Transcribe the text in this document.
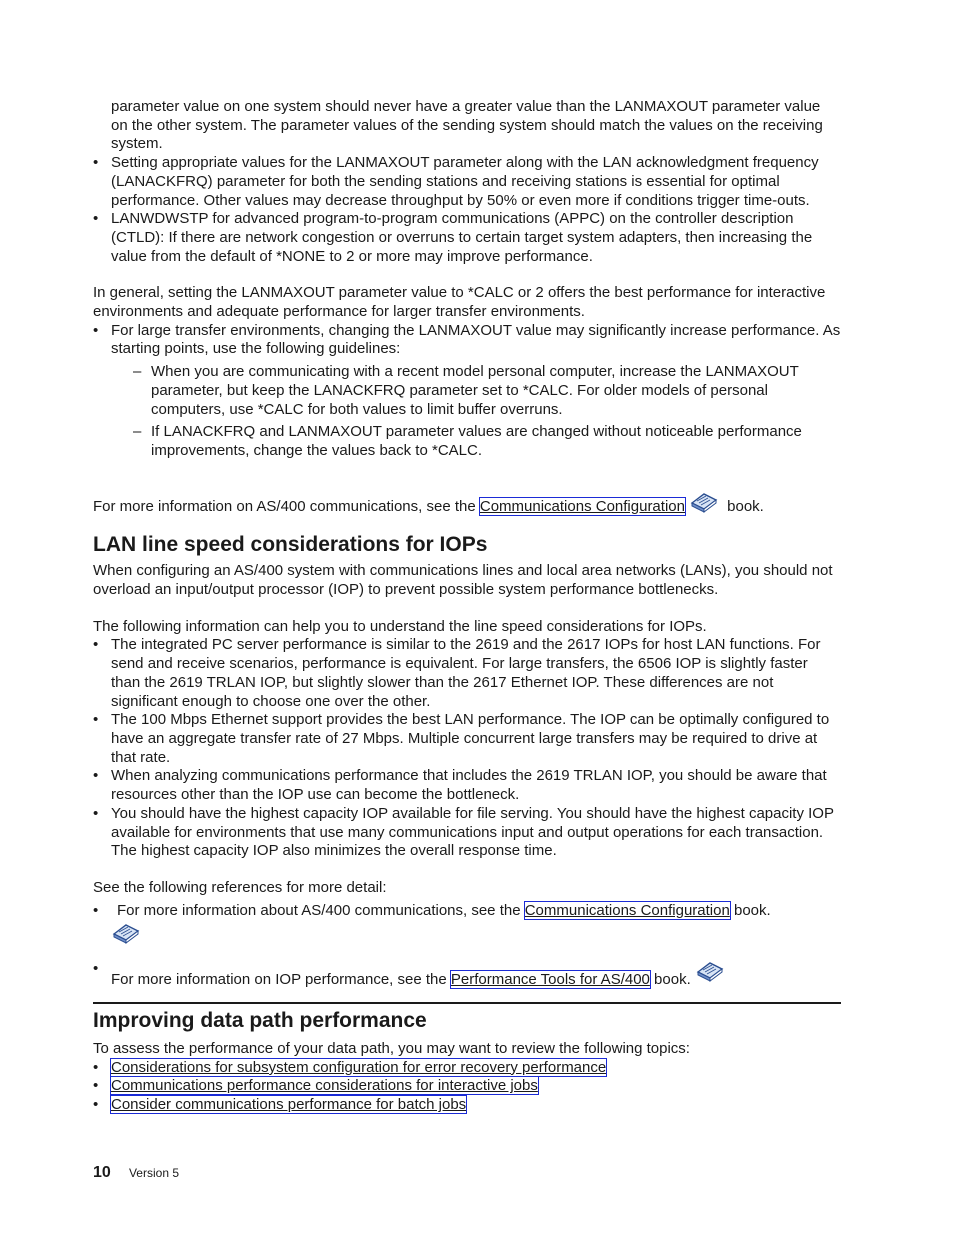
parameter value on one system should never have a greater value than the LANMAXOUT parameter value on the other system. The parameter values of the sending system should match the values on the receiving system.

• Setting appropriate values for the LANMAXOUT parameter along with the LAN acknowledgment frequency (LANACKFRQ) parameter for both the sending stations and receiving stations is essential for optimal performance. Other values may decrease throughput by 50% or even more if conditions trigger time-outs.
• LANWDWSTP for advanced program-to-program communications (APPC) on the controller description (CTLD): If there are network congestion or overruns to certain target system adapters, then increasing the value from the default of *NONE to 2 or more may improve performance.

In general, setting the LANMAXOUT parameter value to *CALC or 2 offers the best performance for interactive environments and adequate performance for larger transfer environments.

• For large transfer environments, changing the LANMAXOUT value may significantly increase performance. As starting points, use the following guidelines:
– When you are communicating with a recent model personal computer, increase the LANMAXOUT parameter, but keep the LANACKFRQ parameter set to *CALC. For older models of personal computers, use *CALC for both values to limit buffer overruns.
– If LANACKFRQ and LANMAXOUT parameter values are changed without noticeable performance improvements, change the values back to *CALC.

For more information on AS/400 communications, see the Communications Configuration	book.

LAN line speed considerations for IOPs

When configuring an AS/400 system with communications lines and local area networks (LANs), you should not overload an input/output processor (IOP) to prevent possible system performance bottlenecks.

The following information can help you to understand the line speed considerations for IOPs.

• The integrated PC server performance is similar to the 2619 and the 2617 IOPs for host LAN functions. For send and receive scenarios, performance is equivalent. For large transfers, the 6506 IOP is slightly faster than the 2619 TRLAN IOP, but slightly slower than the 2617 Ethernet IOP. These differences are not significant enough to choose one over the other.
• The 100 Mbps Ethernet support provides the best LAN performance. The IOP can be optimally configured to have an aggregate transfer rate of 27 Mbps. Multiple concurrent large transfers may be required to drive at that rate.
• When analyzing communications performance that includes the 2619 TRLAN IOP, you should be aware that resources other than the IOP use can become the bottleneck.
• You should have the highest capacity IOP available for file serving. You should have the highest capacity IOP available for environments that use many communications input and output operations for each transaction. The highest capacity IOP also minimizes the overall response time.

See the following references for more detail:

• For more information about AS/400 communications, see the Communications Configuration book.
• For more information on IOP performance, see the Performance Tools for AS/400 book.
Improving data path performance

To assess the performance of your data path, you may want to review the following topics:

• Considerations for subsystem configuration for error recovery performance
• Communications performance considerations for interactive jobs
• Consider communications performance for batch jobs
10 Version 5
